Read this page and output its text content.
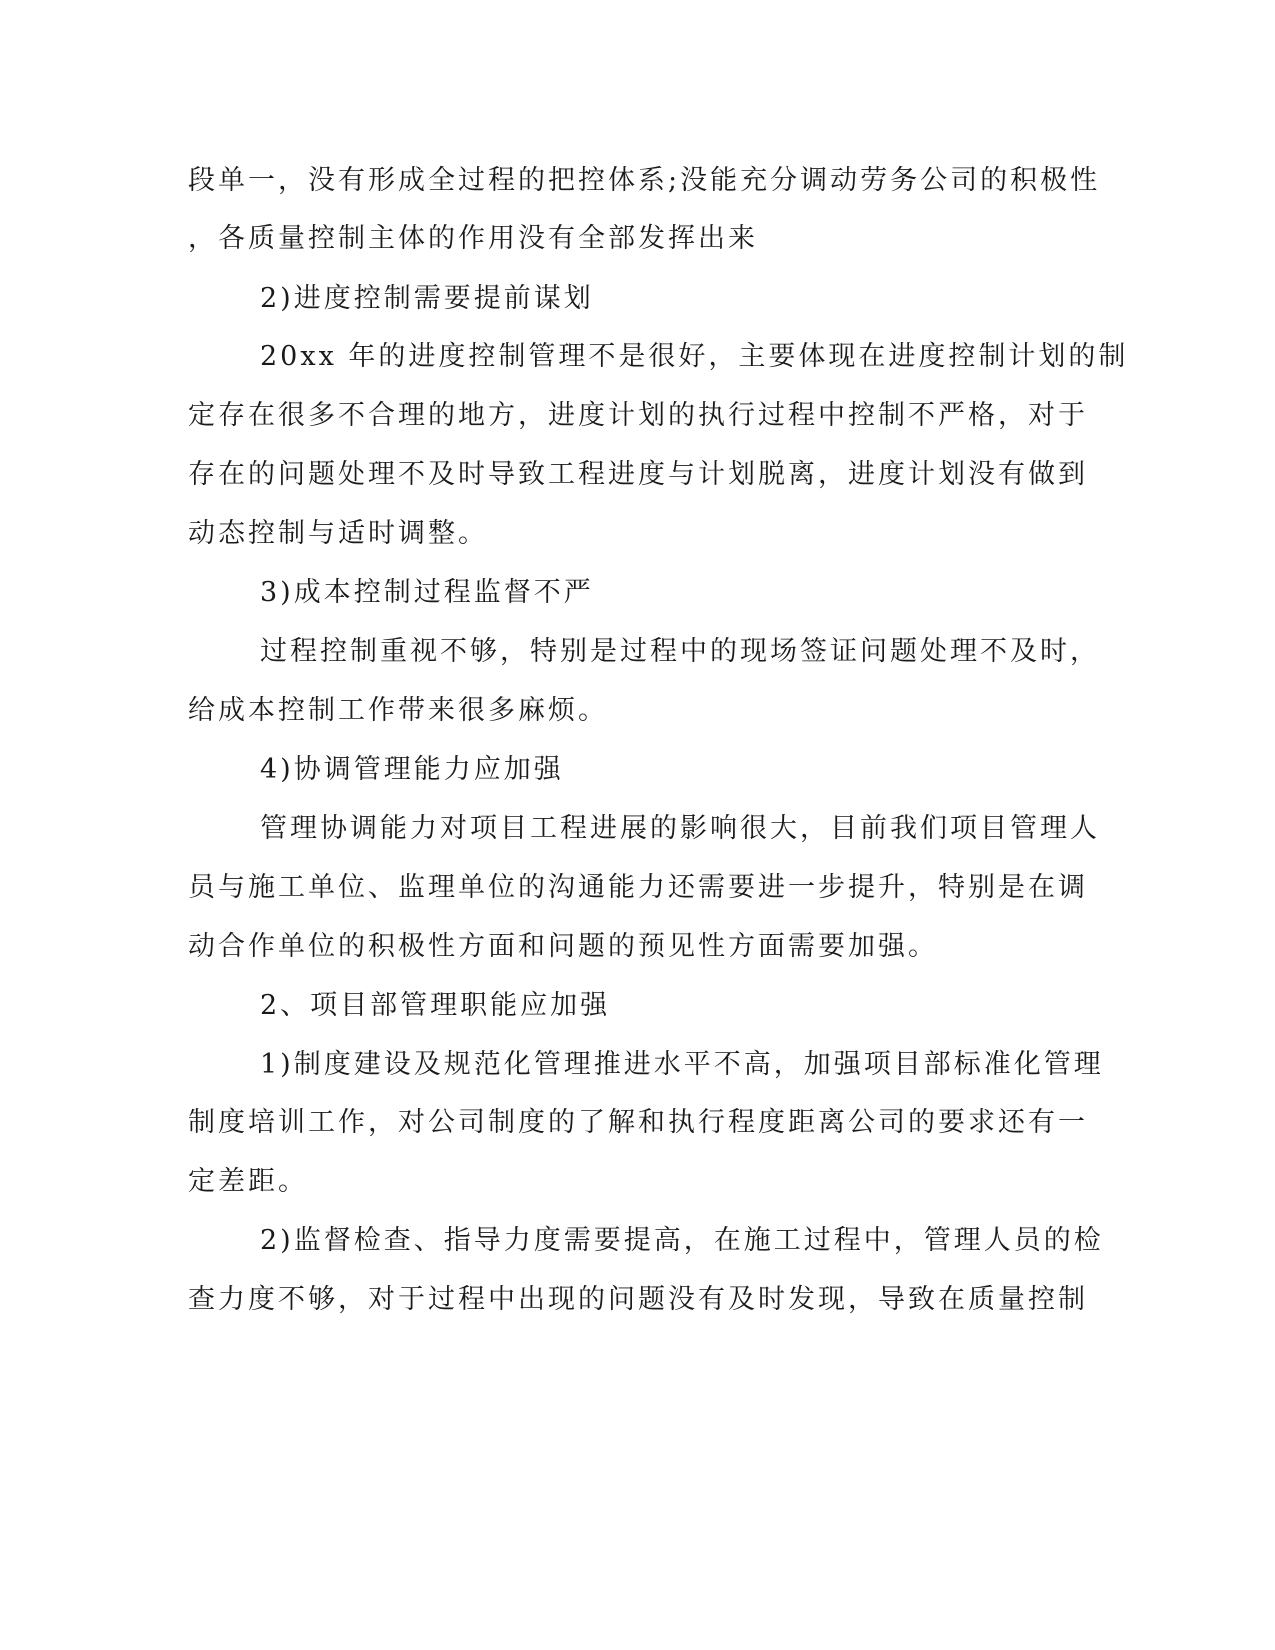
段单一，没有形成全过程的把控体系;没能充分调动劳务公司的积极性
，各质量控制主体的作用没有全部发挥出来
2)进度控制需要提前谋划
20xx 年的进度控制管理不是很好，主要体现在进度控制计划的制
定存在很多不合理的地方，进度计划的执行过程中控制不严格，对于
存在的问题处理不及时导致工程进度与计划脱离，进度计划没有做到
动态控制与适时调整。
3)成本控制过程监督不严
过程控制重视不够，特别是过程中的现场签证问题处理不及时，
给成本控制工作带来很多麻烦。
4)协调管理能力应加强
管理协调能力对项目工程进展的影响很大，目前我们项目管理人
员与施工单位、监理单位的沟通能力还需要进一步提升，特别是在调
动合作单位的积极性方面和问题的预见性方面需要加强。
2、项目部管理职能应加强
1)制度建设及规范化管理推进水平不高，加强项目部标准化管理
制度培训工作，对公司制度的了解和执行程度距离公司的要求还有一
定差距。
2)监督检查、指导力度需要提高，在施工过程中，管理人员的检
查力度不够，对于过程中出现的问题没有及时发现，导致在质量控制
